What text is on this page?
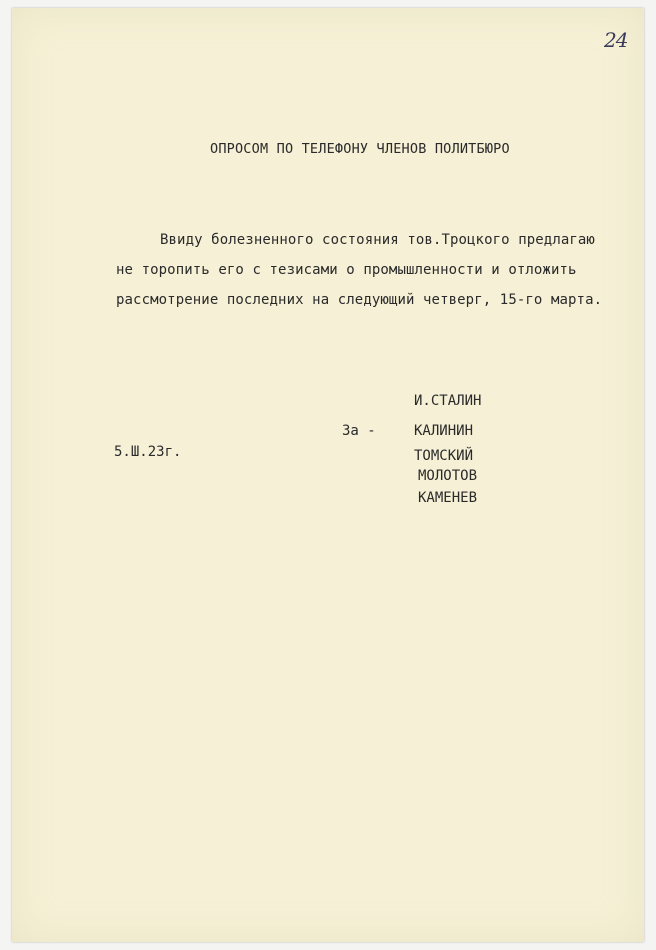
24
ОПРОСОМ ПО ТЕЛЕФОНУ ЧЛЕНОВ ПОЛИТБЮРО
Ввиду болезненного состояния тов.Троцкого предлагаю
не торопить его с тезисами о промышленности и отложить
рассмотрение последних на следующий четверг, 15-го марта.
И.СТАЛИН
За -	КАЛИНИН
ТОМСКИЙ
МОЛОТОВ
КАМЕНЕВ
5.Ш.23г.
